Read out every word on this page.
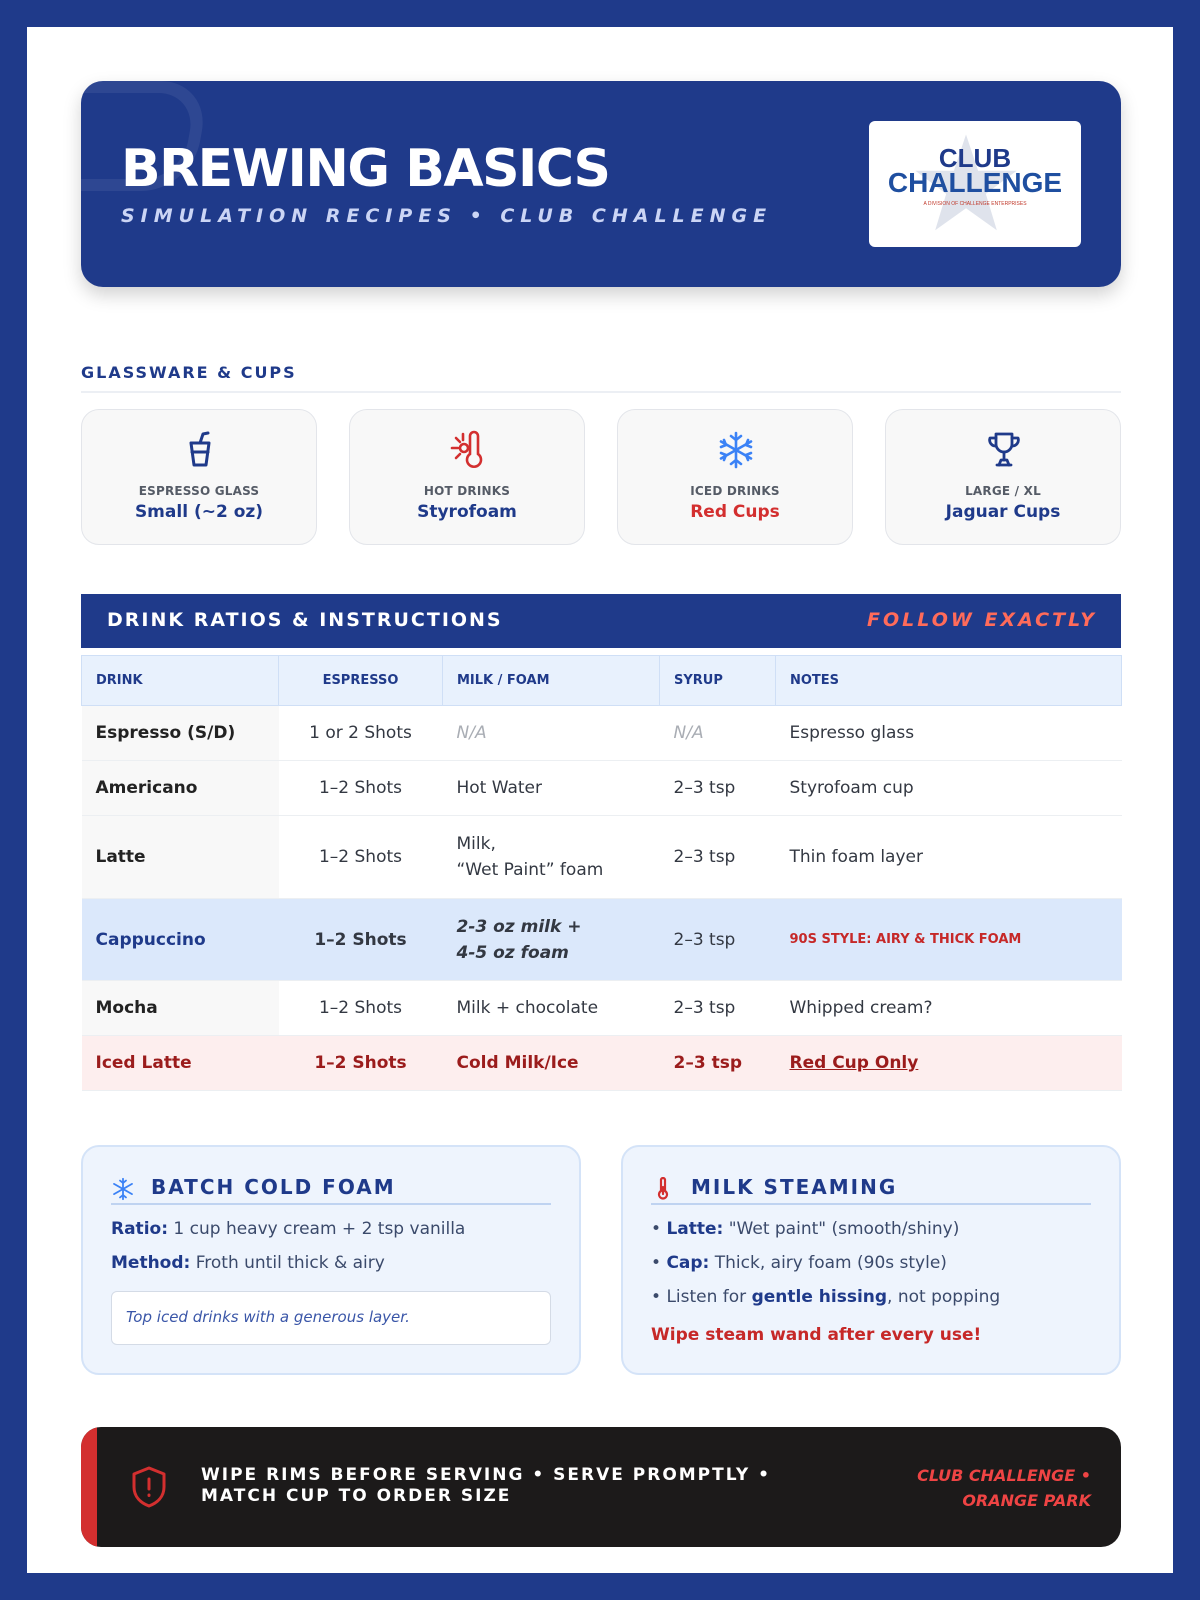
BREWING BASICS
SIMULATION RECIPES • CLUB CHALLENGE
CLUB
CHALLENGE
A DIVISION OF CHALLENGE ENTERPRISES
GLASSWARE & CUPS
ESPRESSO GLASS
Small (~2 oz)
HOT DRINKS
Styrofoam
ICED DRINKS
Red Cups
LARGE / XL
Jaguar Cups
DRINK RATIOS & INSTRUCTIONS	FOLLOW EXACTLY
DRINK	ESPRESSO	MILK / FOAM	SYRUP	NOTES
Espresso (S/D)	1 or 2 Shots	N/A	N/A	Espresso glass
Americano	1–2 Shots	Hot Water	2–3 tsp	Styrofoam cup
Latte	1–2 Shots	Milk,
“Wet Paint” foam	2–3 tsp	Thin foam layer
Cappuccino	1–2 Shots	2-3 oz milk +
4-5 oz foam	2–3 tsp	90S STYLE: AIRY & THICK FOAM
Mocha	1–2 Shots	Milk + chocolate	2–3 tsp	Whipped cream?
Iced Latte	1–2 Shots	Cold Milk/Ice	2–3 tsp	Red Cup Only
BATCH COLD FOAM
Ratio: 1 cup heavy cream + 2 tsp vanilla
Method: Froth until thick & airy
Top iced drinks with a generous layer.
MILK STEAMING
• Latte: "Wet paint" (smooth/shiny)
• Cap: Thick, airy foam (90s style)
• Listen for gentle hissing, not popping
Wipe steam wand after every use!
WIPE RIMS BEFORE SERVING • SERVE PROMPTLY • MATCH CUP TO ORDER SIZE
CLUB CHALLENGE • ORANGE PARK
